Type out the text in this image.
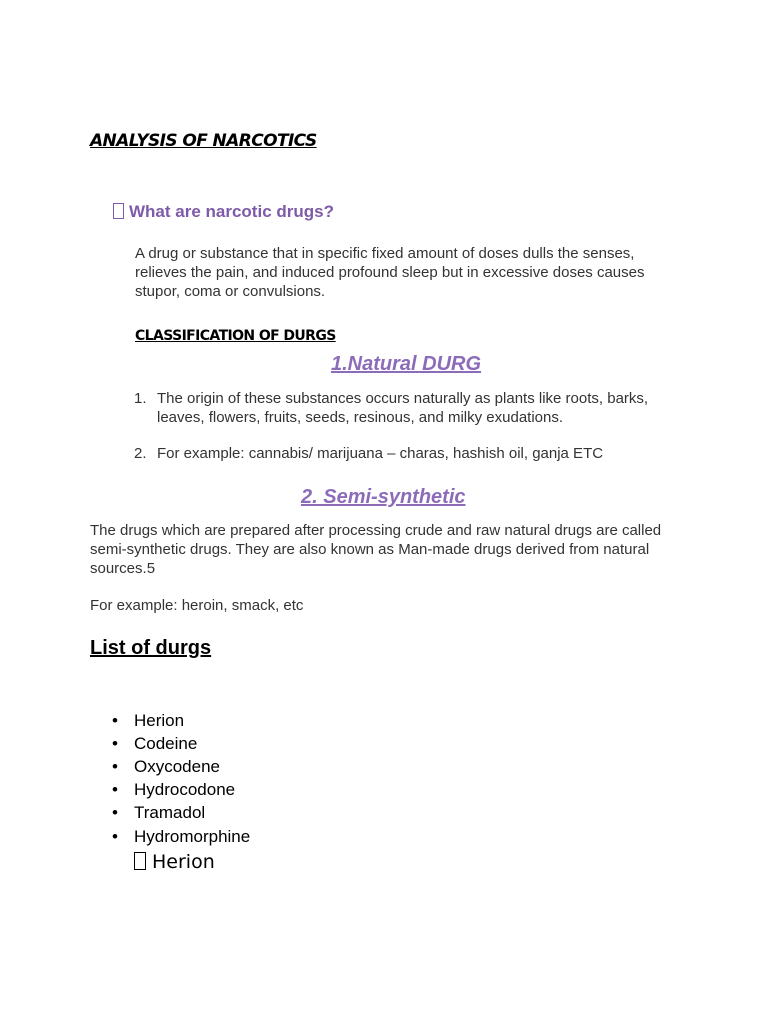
ANALYSIS OF NARCOTICS
What are narcotic drugs?
A drug or substance that in specific fixed amount of doses dulls the senses, relieves the pain, and induced profound sleep but in excessive doses causes stupor, coma or convulsions.
CLASSIFICATION OF DURGS
1.Natural DURG
1. The origin of these substances occurs naturally as plants like roots, barks, leaves, flowers, fruits, seeds, resinous, and milky exudations.
2. For example: cannabis/ marijuana – charas, hashish oil, ganja ETC
2. Semi-synthetic
The drugs which are prepared after processing crude and raw natural drugs are called semi-synthetic drugs. They are also known as Man-made drugs derived from natural sources.5
For example: heroin, smack, etc
List of durgs
• Herion
• Codeine
• Oxycodene
• Hydrocodone
• Tramadol
• Hydromorphine
Herion
